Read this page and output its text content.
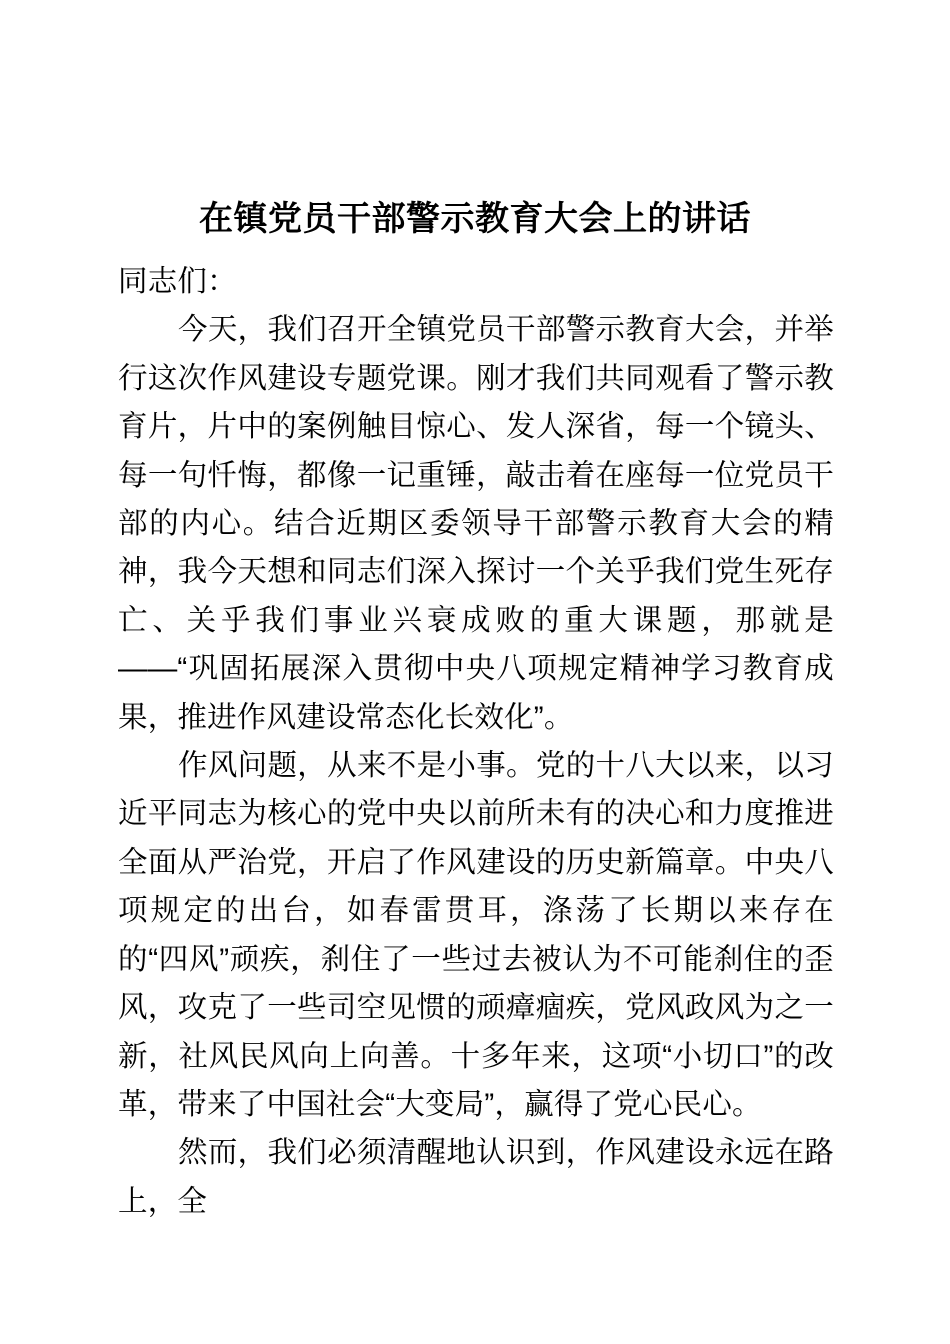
在镇党员干部警示教育大会上的讲话

同志们：

今天，我们召开全镇党员干部警示教育大会，并举行这次作风建设专题党课。刚才我们共同观看了警示教育片，片中的案例触目惊心、发人深省，每一个镜头、每一句忏悔，都像一记重锤，敲击着在座每一位党员干部的内心。结合近期区委领导干部警示教育大会的精神，我今天想和同志们深入探讨一个关乎我们党生死存亡、关乎我们事业兴衰成败的重大课题，那就是——“巩固拓展深入贯彻中央八项规定精神学习教育成果，推进作风建设常态化长效化”。

作风问题，从来不是小事。党的十八大以来，以习近平同志为核心的党中央以前所未有的决心和力度推进全面从严治党，开启了作风建设的历史新篇章。中央八项规定的出台，如春雷贯耳，涤荡了长期以来存在的“四风”顽疾，刹住了一些过去被认为不可能刹住的歪风，攻克了一些司空见惯的顽瘴痼疾，党风政风为之一新，社风民风向上向善。十多年来，这项“小切口”的改革，带来了中国社会“大变局”，赢得了党心民心。

然而，我们必须清醒地认识到，作风建设永远在路上，全
